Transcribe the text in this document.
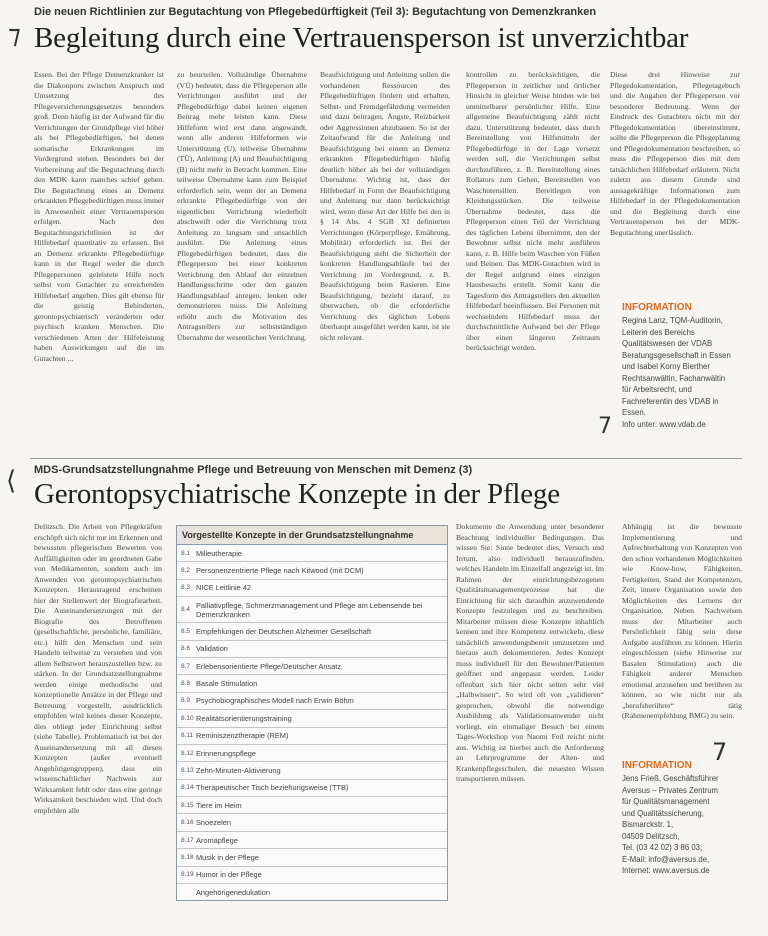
Die neuen Richtlinien zur Begutachtung von Pflegebedürftigkeit (Teil 3): Begutachtung von Demenzkranken
⁊ Begleitung durch eine Vertrauensperson ist unverzichtbar
Essen. Bei der Pflege Demenzkranker ist die Diakonporu zwischen Anspruch und Umsetzung des Pflegeversicherungsgesetzes besonders groß. Denn häufig ist der Aufwand für die Verrichtungen der Grundpflege viel höher als bei Pflegebedürftigen, bei denen somatische Erkrankungen im Vordergrund stehen. Besonders bei der Vorbereitung auf die Begutachtung durch den MDK kann manches schief gehen. Die Begutachtung eines an Demenz erkrankten Pflegebedürftigen muss immer in Anwesenheit einer Vertrauensperson erfolgen. Nach den Begutachtungsrichtlinien ist der Hilfebedarf quantitativ zu erfassen. Bei an Demenz erkrankte Pflegebedürftige kann in der Regel weder die durch Pflegepersonen geleistete Hilfe noch selbst vom Gutachter zu erreichenden Hilfebedarf angeben. Dies gilt ebenso für die geistig Behinderten, gerontopsychiatrisch veränderten oder psychisch kranken Menschen. Die verschiedenen Arten der Hilfeleistung haben Auswirkungen auf die im Gutachten ...
zu beurteilen. Vollständige Übernahme (VÜ) bedeutet, dass die Pflegeperson alle Verrichtungen ausführt und der Pflegebedürftige dabei keinen eigenen Beitrag mehr leisten kann. Diese Hilfeform wird erst dann angewandt, wenn alle anderen Hilfeformen wie Unterstützung (U), teilweise Übernahme (TÜ), Anleitung (A) und Beaufsichtigung (B) nicht mehr in Betracht kommen. Eine teilweise Übernahme kann zum Beispiel erforderlich sein, wenn der an Demenz erkrankte Pflegebedürftige von der eigentlichen Verrichtung wiederholt abschweift oder die Verrichtung trotz Anleitung zu langsam und unsachlich ausführt. Die Anleitung eines Pflegebedürftigen bedeutet, dass die Pflegeperson bei einer konkreten Verrichtung den Ablauf der einzelnen Handlungsschritte oder den ganzen Handlungsablauf anregen, lenken oder demonstrieren muss. Die Anleitung erhöht auch die Motivation des Antragstellers zur selbstständigen Übernahme der wesentlichen Verrichtung.
Beaufsichtigung und Anleitung sollen die vorhandenen Ressourcen des Pflegebedürftigen fördern und erhalten, Selbst- und Fremdgefährdung vermeiden und dazu beitragen, Ängste, Reizbarkeit oder Aggressionen abzubauen. So ist der Zeitaufwand für die Anleitung und Beaufsichtigung bei einem an Demenz erkrankten Pflegebedürftigen häufig deutlich höher als bei der vollständigen Übernahme. Wichtig ist, dass der Hilfebedarf in Form der Beaufsichtigung und Anleitung nur dann berücksichtigt wird, wenn diese Art der Hilfe bei den in § 14 Abs. 4 SGB XI definierten Verrichtungen (Körperpflege, Ernährung, Mobilität) erforderlich ist. Bei der Beaufsichtigung steht die Sicherheit der konkreten Handlungsabläufe bei der Verrichtung im Vordergrund, z. B. Beaufsichtigung beim Rasieren. Eine Beaufsichtigung, bezieht darauf, zu überwachen, ob die erforderliche Verrichtung des täglichen Lebens überhaupt ausgeführt werden kann, ist sie nicht relevant.
kontrollen zu berücksichtigen, die Pflegeperson in zeitlicher und örtlicher Hinsicht in gleicher Weise binden wie bei unmittelbarer persönlicher Hilfe. Eine allgemeine Beaufsichtigung zählt nicht dazu. Unterstützung bedeutet, dass durch Bereitstellung von Hilfsmitteln der Pflegebedürftige in der Lage versetzt werden soll, die Verrichtungen selbst durchzuführen, z. B. Bereitstellung eines Rollators zum Gehen, Bereitstellen von Waschutensilien. Bereitlegen von Kleidungsstücken. Die teilweise Übernahme bedeutet, dass die Pflegeperson einen Teil der Verrichtung des täglichen Lebens übernimmt, den der Bewohner selbst nicht mehr ausführen kann, z. B. Hilfe beim Waschen von Füßen und Beinen. Das MDK-Gutachten wird in der Regel aufgrund eines einzigen Hausbesuchs erstellt. Somit kann die Tagesform des Antragstellers den aktuellen Hilfebedarf beeinflussen. Bei Personen mit wechselndem Hilfebedarf muss der durchschnittliche Aufwand bei der Pflege über einen längeren Zeitraum berücksichtigt werden.
Diese drei Hinweise zur Pflegedokumentation, Pflegetagebuch und die Angaben der Pflegeperson vor besonderer Bedeutung. Wenn der Eindruck des Gutachters nicht mit der Pflegedokumentation übereinstimmt, sollte die Pflegeperson die Pflegeplanung und Pflegedokumentation beschreiben, so muss die Pflegeperson dies mit dem tatsächlichen Hilfebedarf erläutern. Nicht zuletzt aus diesem Grunde sind aussagekräftige Informationen zum Hilfebedarf in der Pflegedokumentation und die Begleitung durch eine Vertrauensperson bei der MDK-Begutachtung unerlässlich.
INFORMATION
Regina Lanz, TQM-Auditorin,
Leiterin des Bereichs Qualitätswesen der VDAB Beratungsgesellschaft in Essen
und Isabel Korny Bierther
Rechtsanwältin, Fachanwältin
für Arbeitsrecht, und Fachreferentin des VDAB in Essen.
Info unter: www.vdab.de
7
⟨ MDS-Grundsatzstellungnahme Pflege und Betreuung von Menschen mit Demenz (3)
Gerontopsychiatrische Konzepte in der Pflege
Delitzsch. Die Arbeit von Pflegekräften erschöpft sich nicht nur im Erkennen und bewussten pflegerischen Bewerten von Auffälligkeiten oder im geordneten Gabe von Medikamenten, sondern auch im Anwenden von gerontopsychiatrischen Konzepten. Herausragend erscheinen hier der Stellenwert der Biografiearbeit. Die Auseinandersetzungen mit der Biografie des Betroffenen (gesellschaftliche, persönliche, familiäre, etc.) hilft den Menschen und sein Handeln teilweise zu verstehen und von allem Selbstwert herauszustellen bzw. zu stärken. In der Grundsatzstellungnahme werden einige methodische und konzeptionelle Ansätze in der Pflege und Betreuung vorgestellt, ausdrücklich empfohlen wird keines dieser Konzepte, dies obliegt jeder Einrichtung selbst (siehe Tabelle). Problematisch ist bei der Auseinandersetzung mit all diesen Konzepten (außer eventuell Angehörigengruppen), dass ein wissenschaftlicher Nachweis zur Wirksamkeit fehlt oder dass eine geringe Wirksamkeit beschieden wird. Und doch empfehlen alle
Dokumente die Anwendung unter besonderer Beachtung individueller Bedingungen. Das wissen Sie: Sinne bedeutet dies, Versuch und Irrtum, also individuell herauszufinden, welches Handeln im Einzelfall angezeigt ist. Im Rahmen der einrichtungsbezogenen Qualitätsmanagementprozesse hat die Einrichtung für sich daraufhin anzuwendende Konzepte festzulegen und zu beschreiben. Mitarbeiter müssen diese Konzepte inhaltlich kennen und ihre Kompetenz entwickeln, diese tatsächlich anwendungsbereit umzusetzen und hieraus auch dokumentieren. Jedes Konzept muss individuell für den Bewohner/Patienten geöffnet und angepasst werden. Leider offenbart sich hier nicht selten sehr viel „Halbwissen“. So wird oft von „validieren“ gesprochen, obwohl die notwendige Ausbildung als Validationsanwender nicht vorliegt, ein einmaliger Besuch bei einem Tages-Workshop von Naomi Feil reicht nicht aus. Wichtig ist hierbei auch die Anforderung an Lehrprogramme der Alten- und Krankenpflegeschulen, die neuesten Wissen transportieren müssen.
Abhängig ist die bewusste Implementierung und Aufrechterhaltung von Konzepten von den schon vorhandenen Möglichkeiten wie Know-how, Fähigkeiten, Fertigkeiten, Stand der Kompetenzen, Zeit, innere Organisation sowie den Möglichkeiten des Lernens der Organisation. Neben Nachweisen muss der Mitarbeiter auch Persönlichkeit fähig sein diese Aufgabe ausführen zu können. Hierin eingeschlossen (siehe Hinweise zur Basalen Stimulation) auch die Fähigkeit anderer Menschen emotional anzusehen und berühren zu können, so wie nicht nur als „berufsberührer“ tätig (Rahmenempfehlung BMG) zu sein.
7
INFORMATION
Jens Frieß, Geschäftsführer
Aversus – Privates Zentrum
für Qualitätsmanagement
und Qualitätssicherung,
Bismarckstr. 1,
04509 Delitzsch,
Tel. (03 42 02) 3 86 03;
E-Mail: info@aversus.de,
Internet: www.aversus.de
Vorgestellte Konzepte in der Grundsatzstellungnahme
8.1 Milieutherapie
8.2 Personenzentrierte Pflege nach Kitwood (mit DCM)
8.3 NICE Leitlinie 42
8.4 Palliativpflege, Schmerzmanagement und Pflege am Lebensende bei Demenzkranken
8.5 Empfehlungen der Deutschen Alzheimer Gesellschaft
8.6 Validation
8.7 Erlebensorientierte Pflege/Deutscher Ansatz
8.8 Basale Stimulation
8.9 Psychobiographisches Modell nach Erwin Böhm
8.10 Realitätsorientierungstraining
8.11 Reminiszenztherapie (REM)
8.12 Erinnerungspflege
8.13 Zehn-Minuten-Aktivierung
8.14 Therapeutischer Tisch beziehungsweise (TTB)
8.15 Tiere im Heim
8.16 Snoezelen
8.17 Aromapflege
8.18 Musik in der Pflege
8.19 Humor in der Pflege
Angehörigenedukation
